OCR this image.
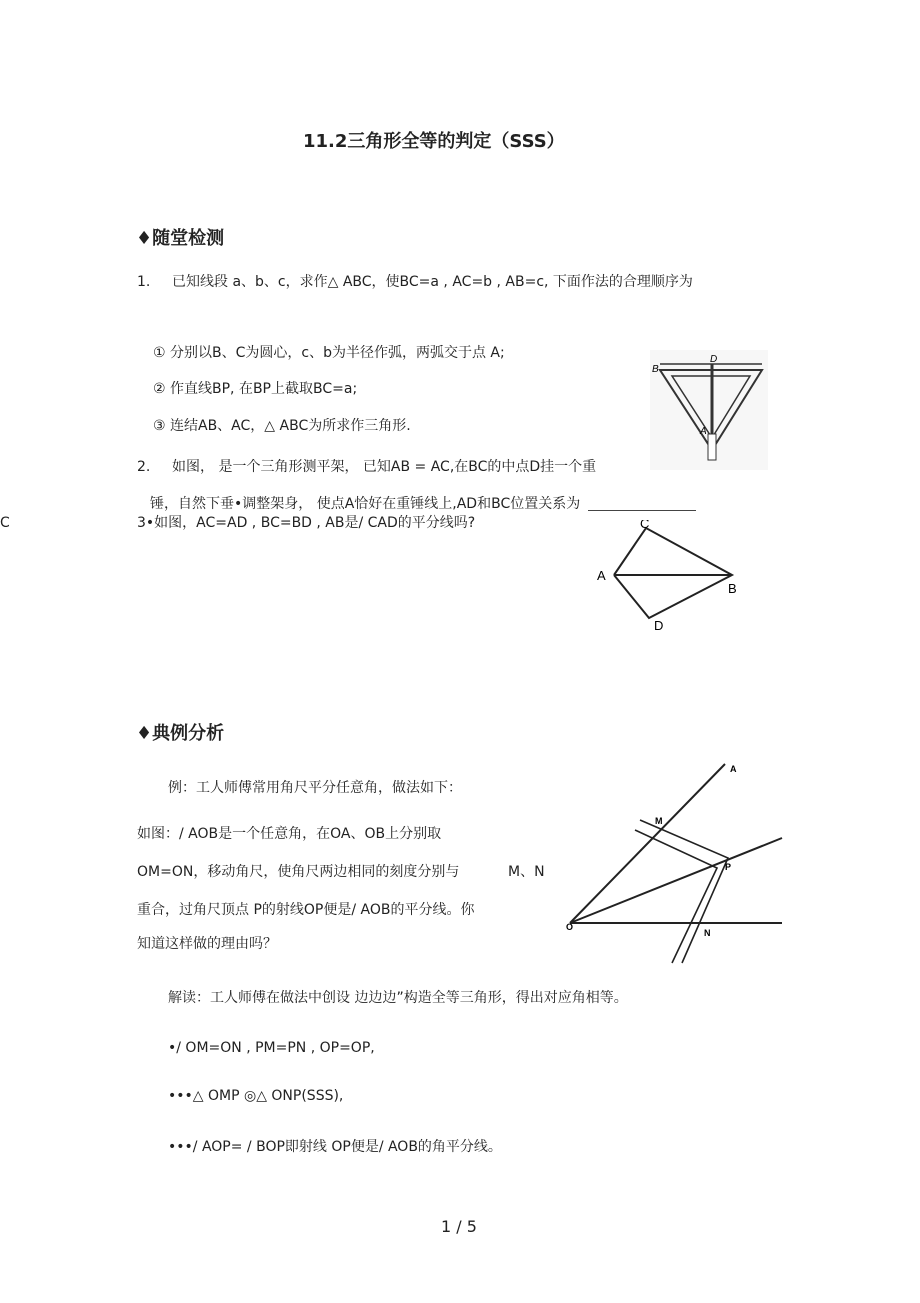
11.2三角形全等的判定（SSS）
♦随堂检测
1. 已知线段 a、b、c，求作△ ABC，使BC=a , AC=b , AB=c, 下面作法的合理顺序为
① 分别以B、C为圆心，c、b为半径作弧，两弧交于点 A;
② 作直线BP, 在BP上截取BC=a;
③ 连结AB、AC，△ ABC为所求作三角形.
2. 如图， 是一个三角形测平架， 已知AB = AC,在BC的中点D挂一个重
锤，自然下垂•调整架身， 使点A恰好在重锤线上,AD和BC位置关系为
C	3•如图，AC=AD , BC=BD , AB是/ CAD的平分线吗?
B
D
A
C
A
B
D
♦典例分析
例：工人师傅常用角尺平分任意角，做法如下：
如图：/ AOB是一个任意角，在OA、OB上分别取
OM=ON，移动角尺，使角尺两边相同的刻度分别与	M、N
重合，过角尺顶点 P的射线OP便是/ AOB的平分线。你
知道这样做的理由吗？
A
M
P
O
N
解读：工人师傅在做法中创设 边边边”构造全等三角形，得出对应角相等。
•/ OM=ON , PM=PN , OP=OP,
•••△ OMP ◎△ ONP(SSS),
•••/ AOP= / BOP即射线 OP便是/ AOB的角平分线。
1 / 5
